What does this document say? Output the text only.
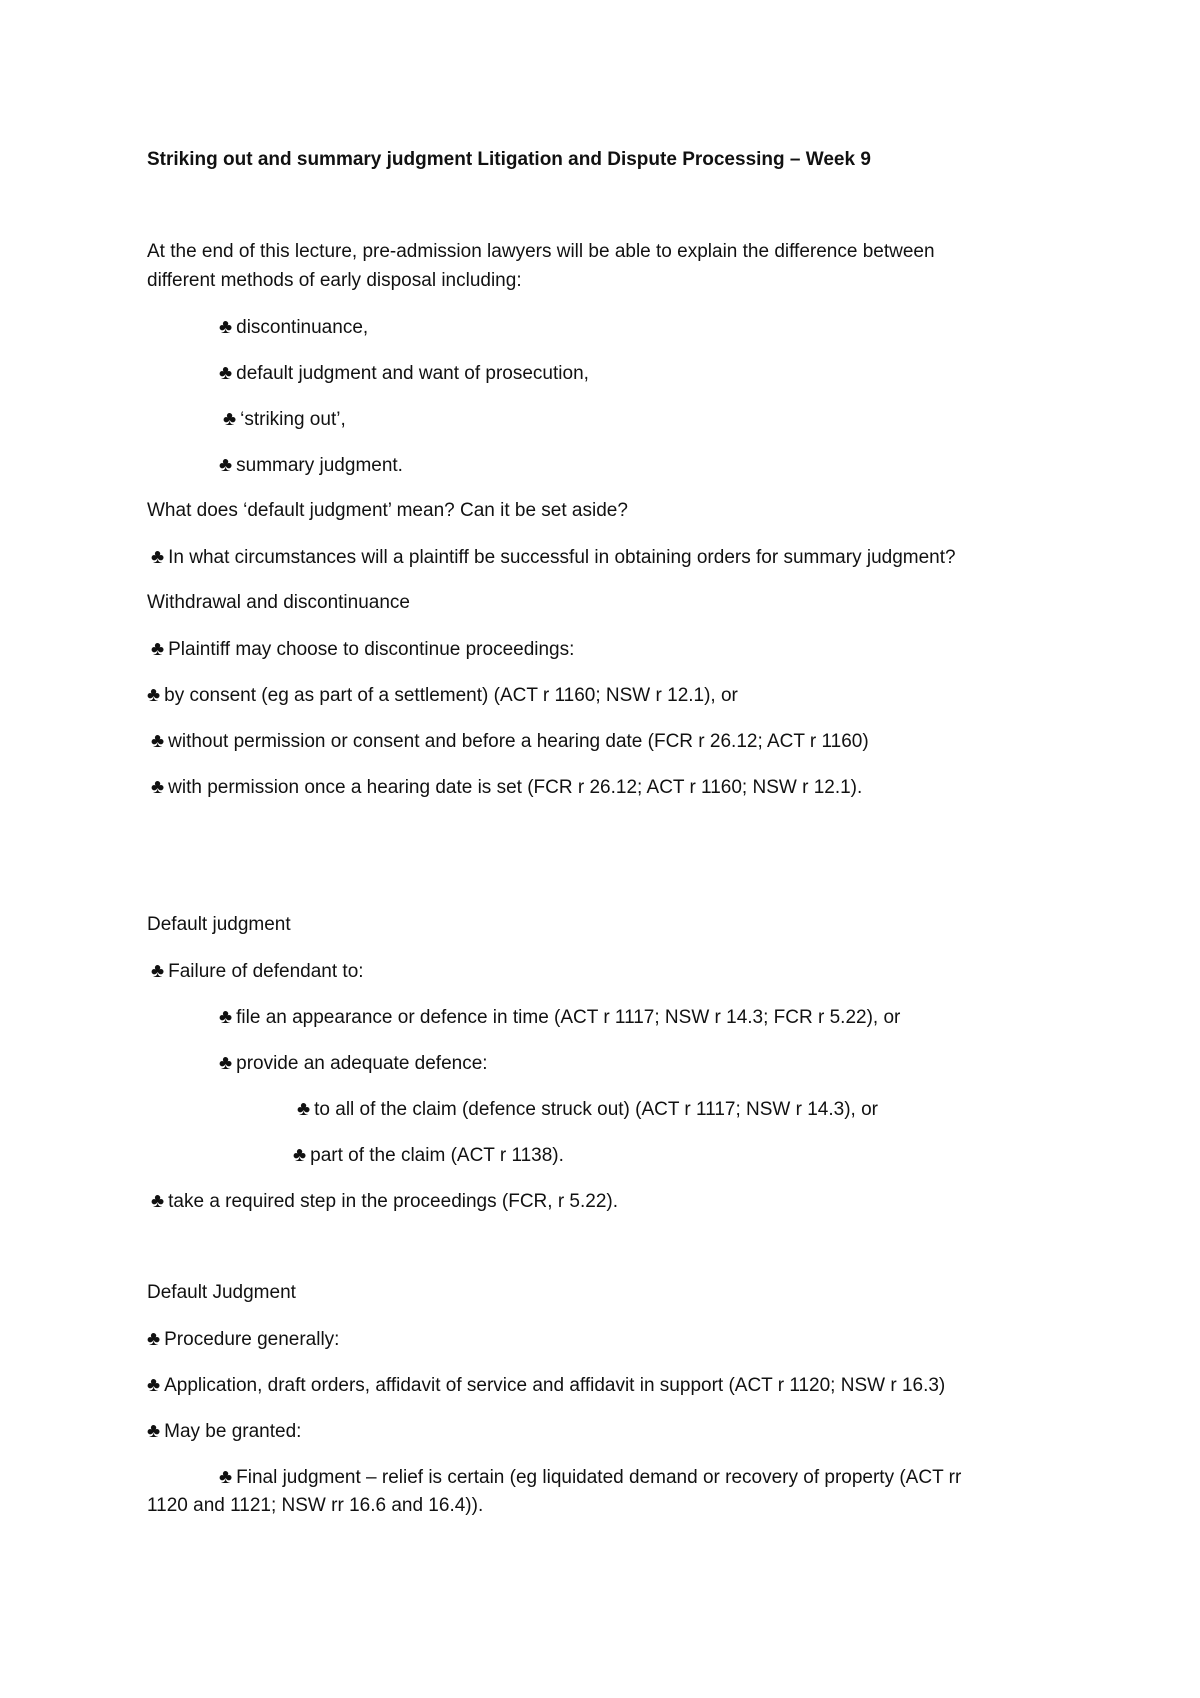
Striking out and summary judgment Litigation and Dispute Processing – Week 9

At the end of this lecture, pre-admission lawyers will be able to explain the difference between

different methods of early disposal including:

♣ discontinuance,

♣ default judgment and want of prosecution,

♣ ‘striking out’,

♣ summary judgment.

What does ‘default judgment’ mean? Can it be set aside?

♣ In what circumstances will a plaintiff be successful in obtaining orders for summary judgment?

Withdrawal and discontinuance

♣ Plaintiff may choose to discontinue proceedings:

♣ by consent (eg as part of a settlement) (ACT r 1160; NSW r 12.1), or

♣ without permission or consent and before a hearing date (FCR r 26.12; ACT r 1160)

♣ with permission once a hearing date is set (FCR r 26.12; ACT r 1160; NSW r 12.1).

Default judgment

♣ Failure of defendant to:

♣ file an appearance or defence in time (ACT r 1117; NSW r 14.3; FCR r 5.22), or

♣ provide an adequate defence:

♣ to all of the claim (defence struck out) (ACT r 1117; NSW r 14.3), or

♣ part of the claim (ACT r 1138).

♣ take a required step in the proceedings (FCR, r 5.22).

Default Judgment

♣ Procedure generally:

♣ Application, draft orders, affidavit of service and affidavit in support (ACT r 1120; NSW r 16.3)

♣ May be granted:

♣ Final judgment – relief is certain (eg liquidated demand or recovery of property (ACT rr

1120 and 1121; NSW rr 16.6 and 16.4)).
